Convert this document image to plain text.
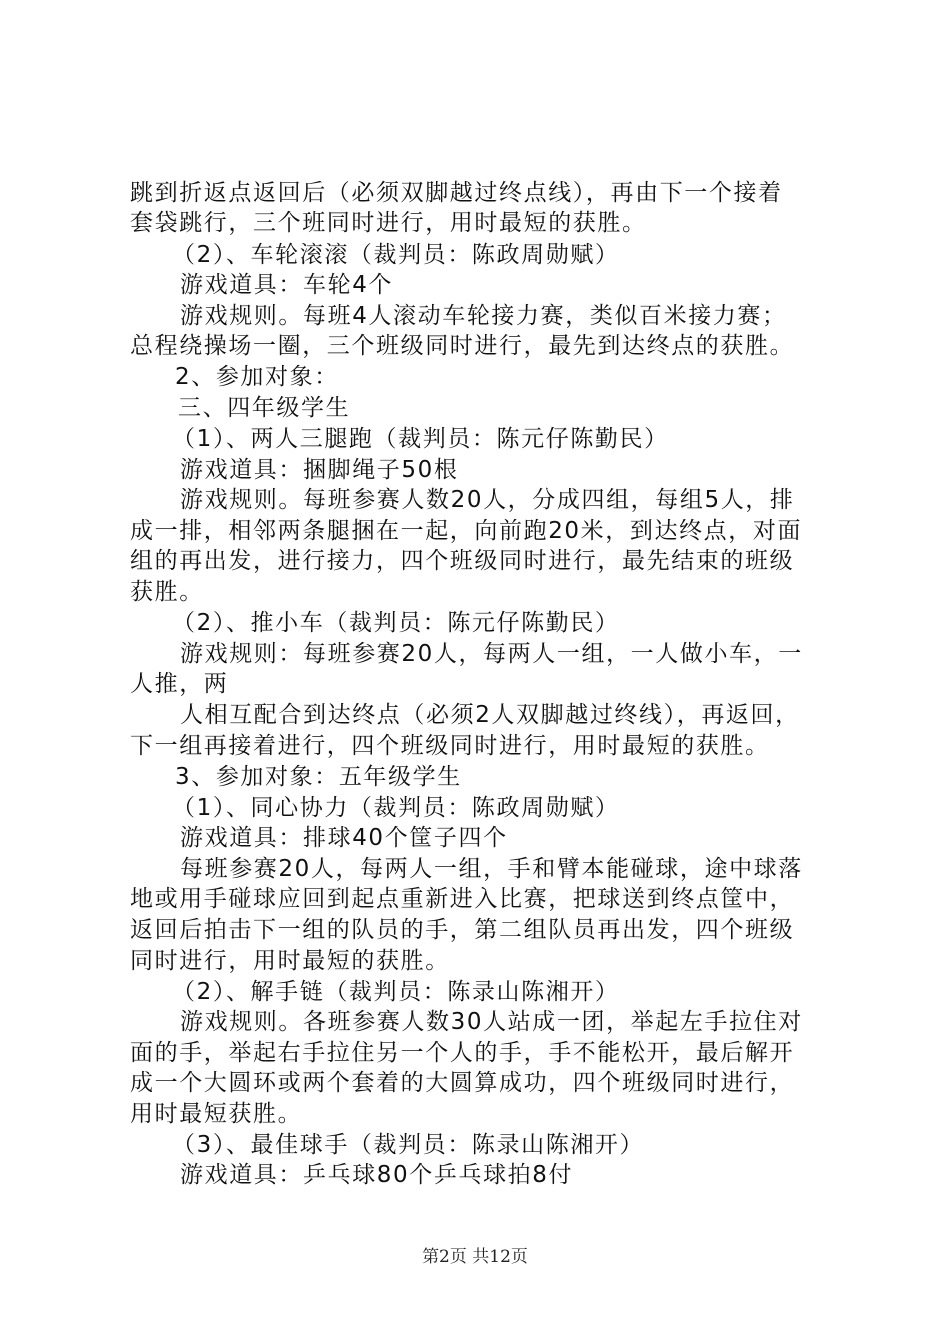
跳到折返点返回后（必须双脚越过终点线），再由下一个接着
套袋跳行，三个班同时进行，用时最短的获胜。
（2）、车轮滚滚（裁判员：陈政周勋赋）
游戏道具：车轮4个
游戏规则。每班4人滚动车轮接力赛，类似百米接力赛；
总程绕操场一圈，三个班级同时进行，最先到达终点的获胜。
2、参加对象：
三、四年级学生
（1）、两人三腿跑（裁判员：陈元仔陈勤民）
游戏道具：捆脚绳子50根
游戏规则。每班参赛人数20人，分成四组，每组5人，排
成一排，相邻两条腿捆在一起，向前跑20米，到达终点，对面
组的再出发，进行接力，四个班级同时进行，最先结束的班级
获胜。
（2）、推小车（裁判员：陈元仔陈勤民）
游戏规则：每班参赛20人，每两人一组，一人做小车，一
人推，两
人相互配合到达终点（必须2人双脚越过终线），再返回，
下一组再接着进行，四个班级同时进行，用时最短的获胜。
3、参加对象：五年级学生
（1）、同心协力（裁判员：陈政周勋赋）
游戏道具：排球40个筐子四个
每班参赛20人，每两人一组，手和臂本能碰球，途中球落
地或用手碰球应回到起点重新进入比赛，把球送到终点筐中，
返回后拍击下一组的队员的手，第二组队员再出发，四个班级
同时进行，用时最短的获胜。
（2）、解手链（裁判员：陈录山陈湘开）
游戏规则。各班参赛人数30人站成一团，举起左手拉住对
面的手，举起右手拉住另一个人的手，手不能松开，最后解开
成一个大圆环或两个套着的大圆算成功，四个班级同时进行，
用时最短获胜。
（3）、最佳球手（裁判员：陈录山陈湘开）
游戏道具：乒乓球80个乒乓球拍8付
第2页 共12页
